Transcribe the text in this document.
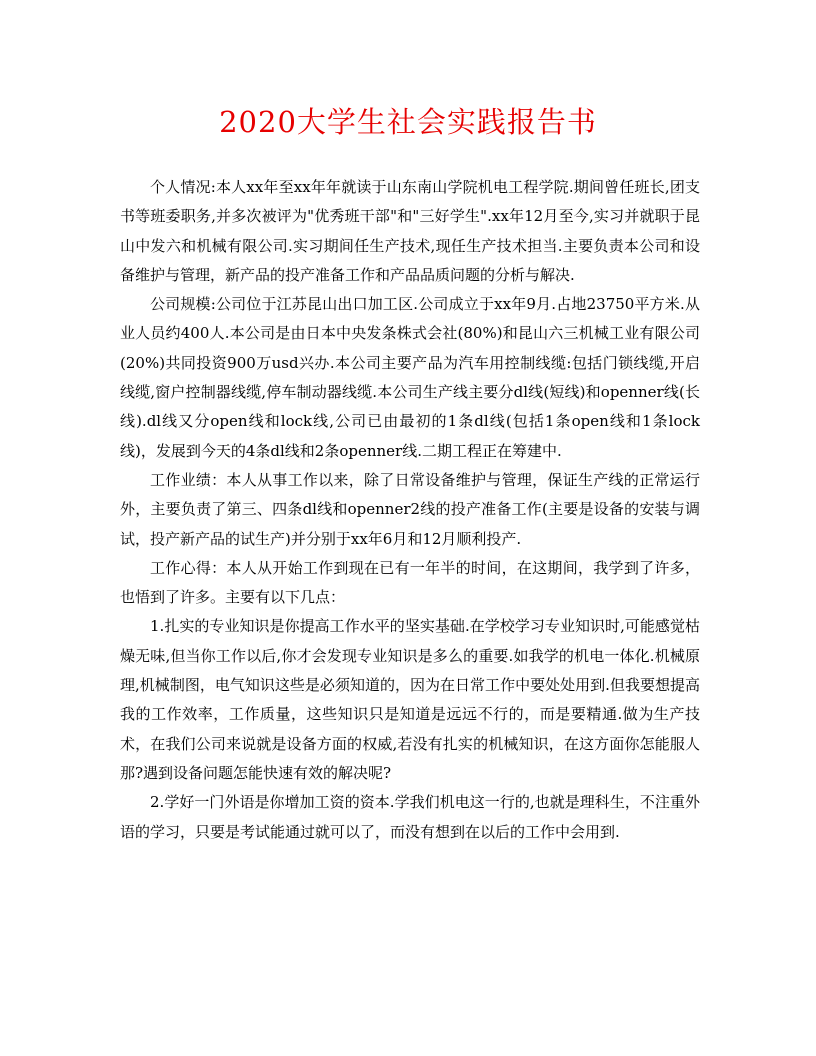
2020大学生社会实践报告书

个人情况:本人xx年至xx年年就读于山东南山学院机电工程学院.期间曾任班长,团支书等班委职务,并多次被评为"优秀班干部"和"三好学生".xx年12月至今,实习并就职于昆山中发六和机械有限公司.实习期间任生产技术,现任生产技术担当.主要负责本公司和设备维护与管理，新产品的投产准备工作和产品品质问题的分析与解决.

公司规模:公司位于江苏昆山出口加工区.公司成立于xx年9月.占地23750平方米.从业人员约400人.本公司是由日本中央发条株式会社(80%)和昆山六三机械工业有限公司(20%)共同投资900万usd兴办.本公司主要产品为汽车用控制线缆:包括门锁线缆,开启线缆,窗户控制器线缆,停车制动器线缆.本公司生产线主要分dl线(短线)和openner线(长线).dl线又分open线和lock线,公司已由最初的1条dl线(包括1条open线和1条lock线)，发展到今天的4条dl线和2条openner线.二期工程正在筹建中.

工作业绩：本人从事工作以来，除了日常设备维护与管理，保证生产线的正常运行外，主要负责了第三、四条dl线和openner2线的投产准备工作(主要是设备的安装与调试，投产新产品的试生产)并分别于xx年6月和12月顺利投产.

工作心得：本人从开始工作到现在已有一年半的时间，在这期间，我学到了许多，也悟到了许多。主要有以下几点：

1.扎实的专业知识是你提高工作水平的坚实基础.在学校学习专业知识时,可能感觉枯燥无味,但当你工作以后,你才会发现专业知识是多么的重要.如我学的机电一体化.机械原理,机械制图，电气知识这些是必须知道的，因为在日常工作中要处处用到.但我要想提高我的工作效率，工作质量，这些知识只是知道是远远不行的，而是要精通.做为生产技术，在我们公司来说就是设备方面的权威,若没有扎实的机械知识，在这方面你怎能服人那?遇到设备问题怎能快速有效的解决呢?

2.学好一门外语是你增加工资的资本.学我们机电这一行的,也就是理科生，不注重外语的学习，只要是考试能通过就可以了，而没有想到在以后的工作中会用到.
